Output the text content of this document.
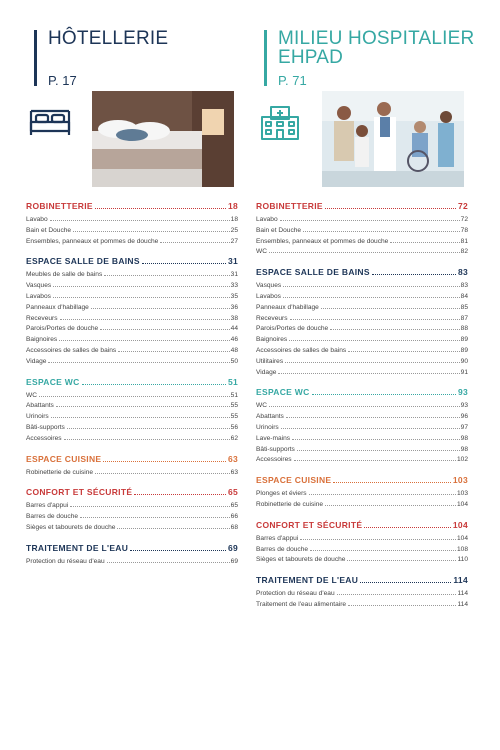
HÔTELLERIE
P. 17
ROBINETTERIE	18
Lavabo	18
Bain et Douche	25
Ensembles, panneaux et pommes de douche	27
ESPACE SALLE DE BAINS	31
Meubles de salle de bains	31
Vasques	33
Lavabos	35
Panneaux d'habillage	36
Receveurs	38
Parois/Portes de douche	44
Baignoires	46
Accessoires de salles de bains	48
Vidage	50
ESPACE WC	51
WC	51
Abattants	55
Urinoirs	55
Bâti-supports	56
Accessoires	62
ESPACE CUISINE	63
Robinetterie de cuisine	63
CONFORT ET SÉCURITÉ	65
Barres d'appui	65
Barres de douche	66
Sièges et tabourets de douche	68
TRAITEMENT DE L'EAU	69
Protection du réseau d'eau	69
MILIEU HOSPITALIER EHPAD
P. 71
ROBINETTERIE	72
Lavabo	72
Bain et Douche	78
Ensembles, panneaux et pommes de douche	81
WC	82
ESPACE SALLE DE BAINS	83
Vasques	83
Lavabos	84
Panneaux d'habillage	85
Receveurs	87
Parois/Portes de douche	88
Baignoires	89
Accessoires de salles de bains	89
Utilitaires	90
Vidage	91
ESPACE WC	93
WC	93
Abattants	96
Urinoirs	97
Lave-mains	98
Bâti-supports	98
Accessoires	102
ESPACE CUISINE	103
Plonges et éviers	103
Robinetterie de cuisine	104
CONFORT ET SÉCURITÉ	104
Barres d'appui	104
Barres de douche	108
Sièges et tabourets de douche	110
TRAITEMENT DE L'EAU	114
Protection du réseau d'eau	114
Traitement de l'eau alimentaire	114
